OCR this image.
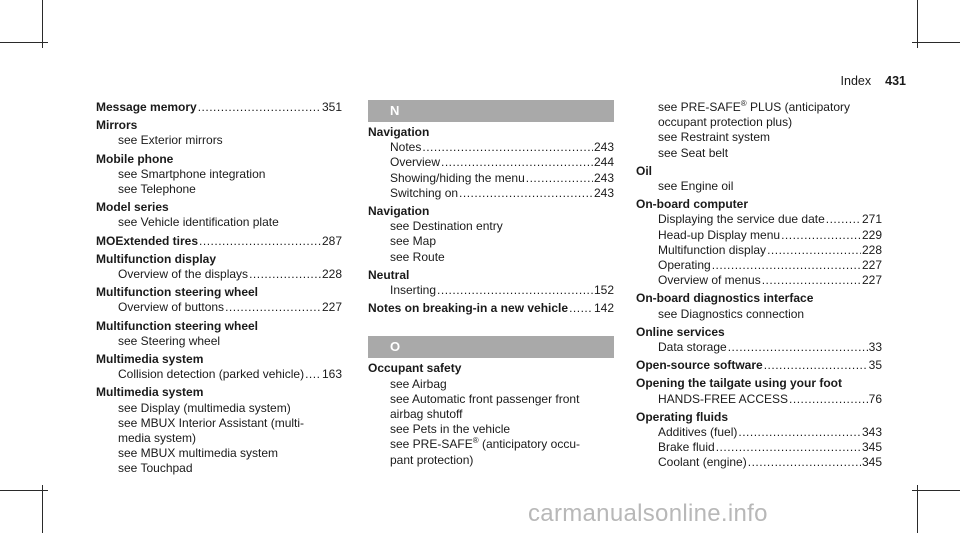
Index 431
Message memory .....	351
Mirrors
see Exterior mirrors
Mobile phone
see Smartphone integration
see Telephone
Model series
see Vehicle identification plate
MOExtended tires .....	287
Multifunction display
Overview of the displays .....	228
Multifunction steering wheel
Overview of buttons .....	227
Multifunction steering wheel
see Steering wheel
Multimedia system
Collision detection (parked vehicle) ..... 163
Multimedia system
see Display (multimedia system)
see MBUX Interior Assistant (multi-
media system)
see MBUX multimedia system
see Touchpad
N
Navigation
Notes .....	243
Overview .....	244
Showing/hiding the menu .....	243
Switching on .....	243
Navigation
see Destination entry
see Map
see Route
Neutral
Inserting .....	152
Notes on breaking-in a new vehicle ..... 142
O
Occupant safety
see Airbag
see Automatic front passenger front
airbag shutoff
see Pets in the vehicle
see PRE-SAFE® (anticipatory occu-
pant protection)
see PRE-SAFE® PLUS (anticipatory
occupant protection plus)
see Restraint system
see Seat belt
Oil
see Engine oil
On-board computer
Displaying the service due date .....	271
Head-up Display menu .....	229
Multifunction display .....	228
Operating .....	227
Overview of menus .....	227
On-board diagnostics interface
see Diagnostics connection
Online services
Data storage .....	33
Open-source software .....	35
Opening the tailgate using your foot
HANDS-FREE ACCESS .....	76
Operating fluids
Additives (fuel) .....	343
Brake fluid .....	345
Coolant (engine) .....	345
carmanualsonline.info
